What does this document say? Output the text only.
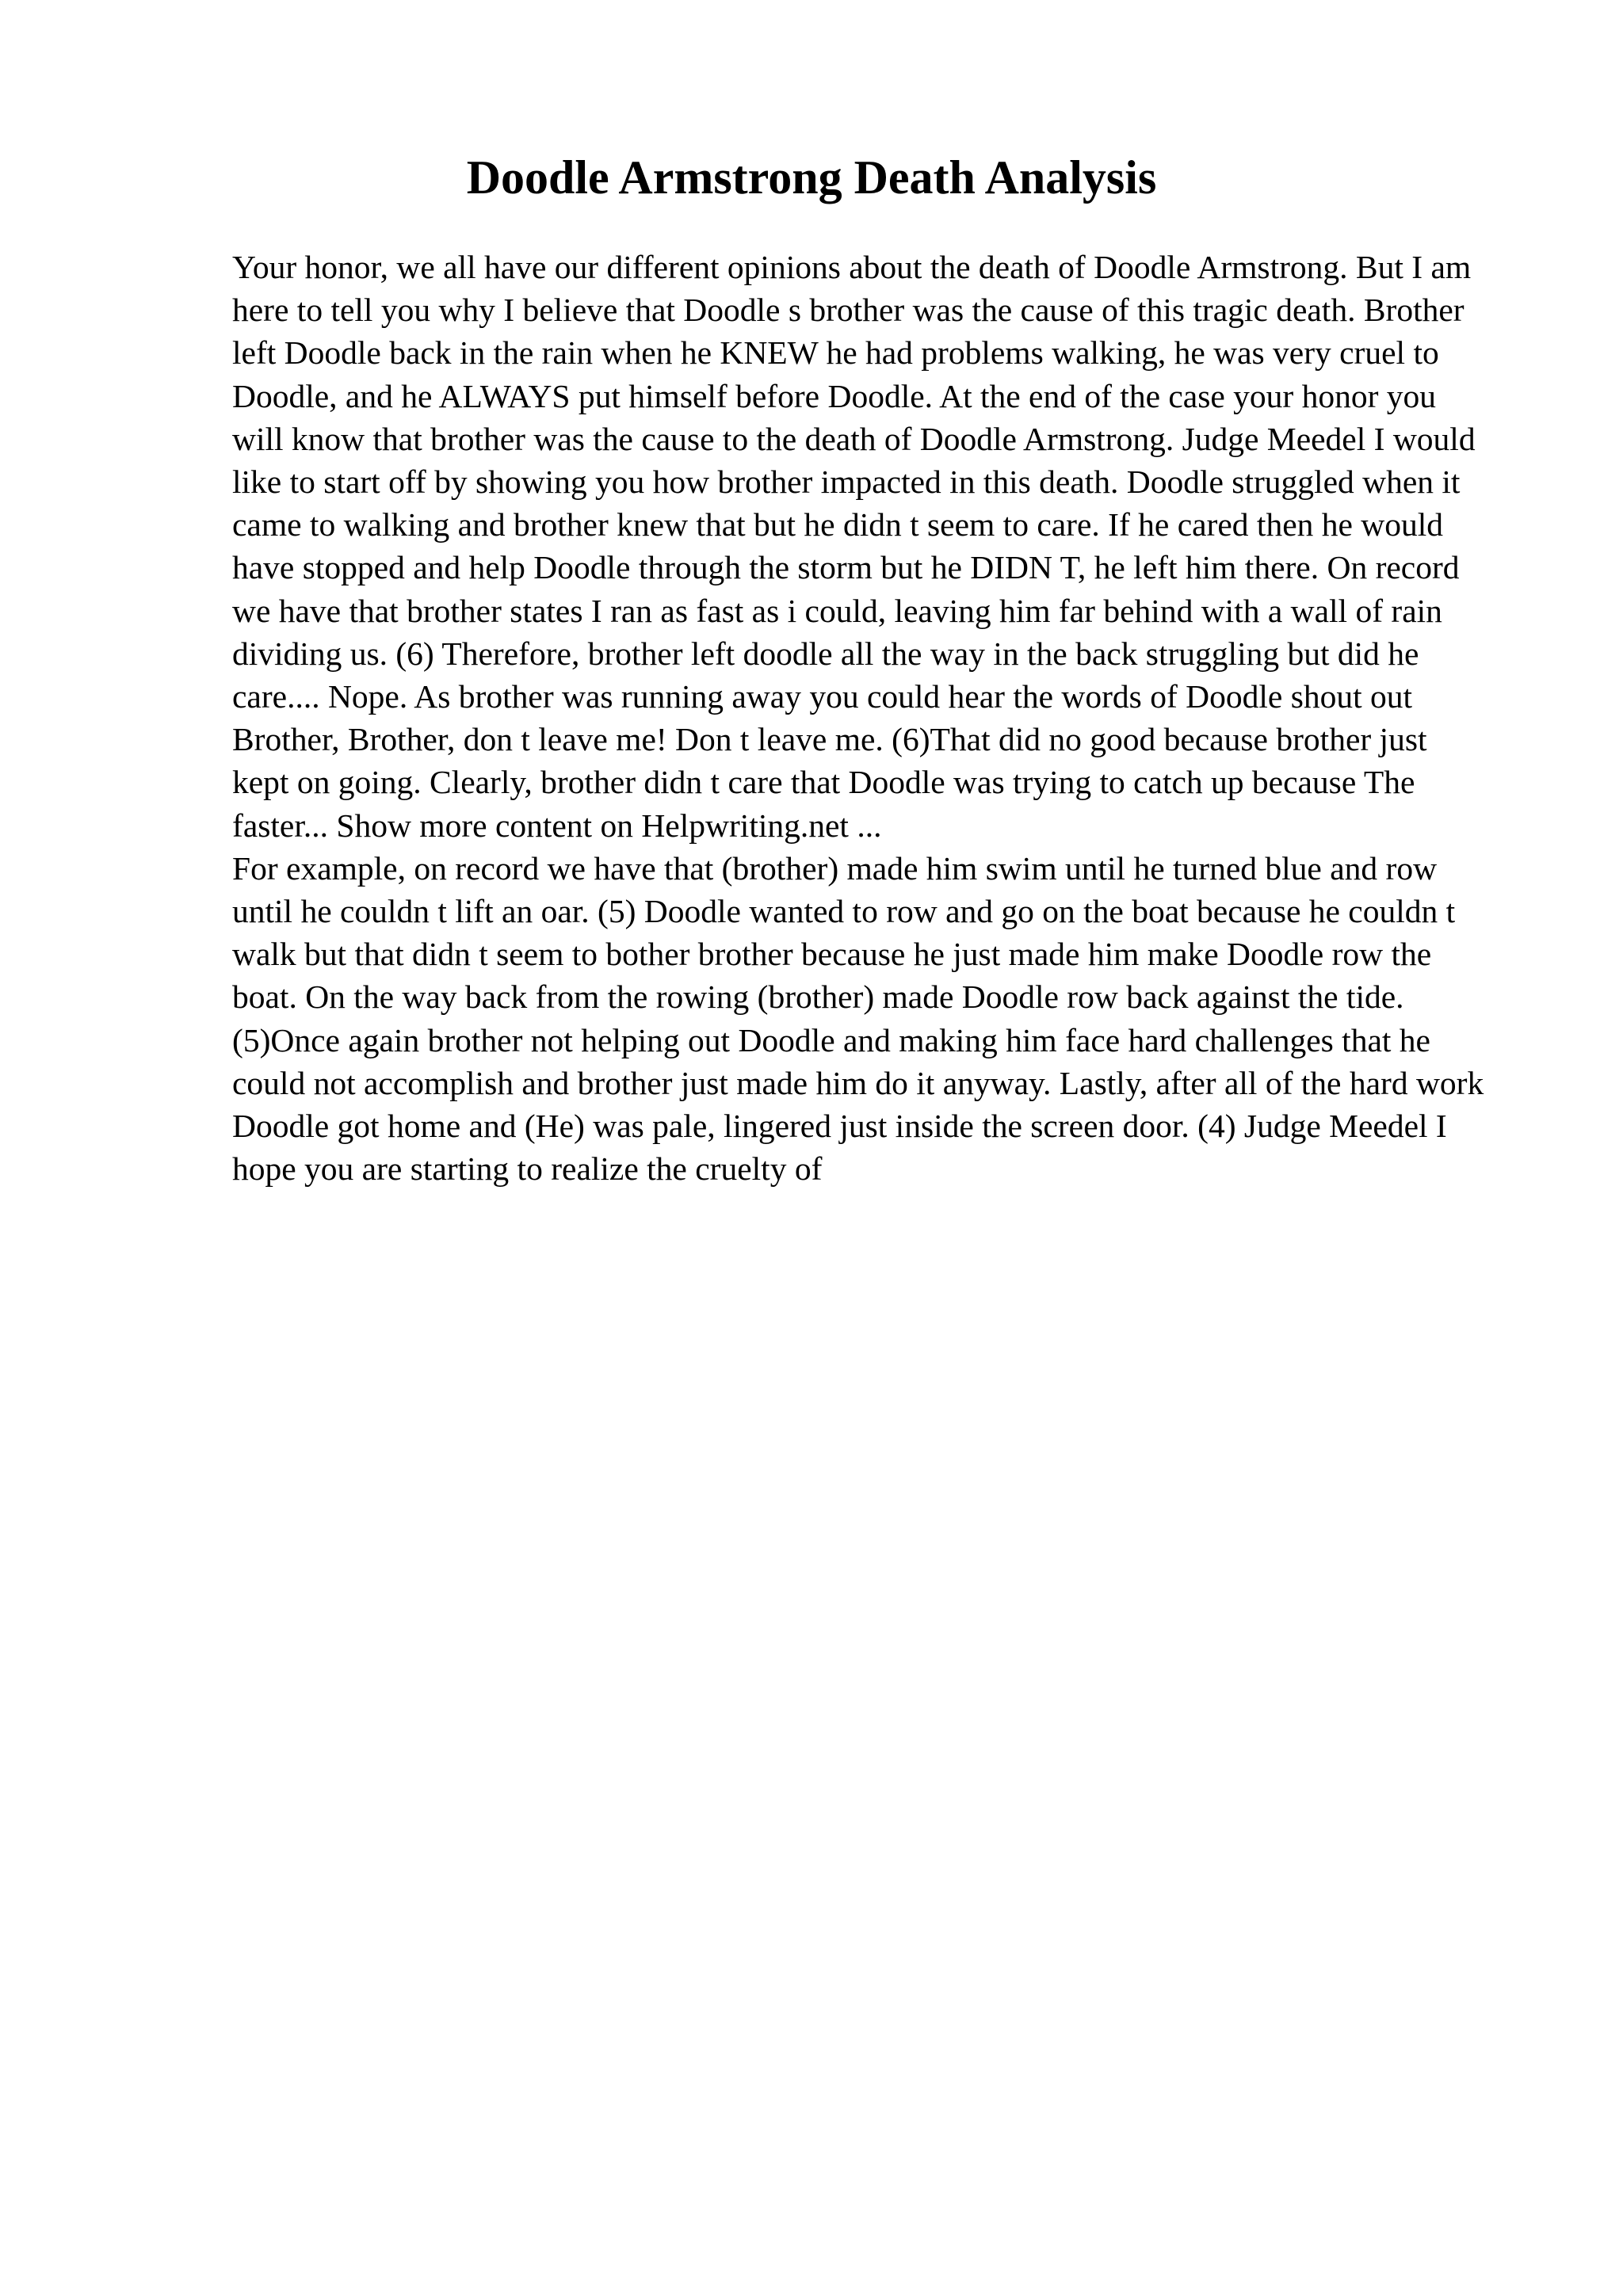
Doodle Armstrong Death Analysis

Your honor, we all have our different opinions about the death of Doodle Armstrong. But I am here to tell you why I believe that Doodle s brother was the cause of this tragic death. Brother left Doodle back in the rain when he KNEW he had problems walking, he was very cruel to Doodle, and he ALWAYS put himself before Doodle. At the end of the case your honor you will know that brother was the cause to the death of Doodle Armstrong. Judge Meedel I would like to start off by showing you how brother impacted in this death. Doodle struggled when it came to walking and brother knew that but he didn t seem to care. If he cared then he would have stopped and help Doodle through the storm but he DIDN T, he left him there. On record we have that brother states I ran as fast as i could, leaving him far behind with a wall of rain dividing us. (6) Therefore, brother left doodle all the way in the back struggling but did he care.... Nope. As brother was running away you could hear the words of Doodle shout out Brother, Brother, don t leave me! Don t leave me. (6)That did no good because brother just kept on going. Clearly, brother didn t care that Doodle was trying to catch up because The faster... Show more content on Helpwriting.net ...

For example, on record we have that (brother) made him swim until he turned blue and row until he couldn t lift an oar. (5) Doodle wanted to row and go on the boat because he couldn t walk but that didn t seem to bother brother because he just made him make Doodle row the boat. On the way back from the rowing (brother) made Doodle row back against the tide. (5)Once again brother not helping out Doodle and making him face hard challenges that he could not accomplish and brother just made him do it anyway. Lastly, after all of the hard work Doodle got home and (He) was pale, lingered just inside the screen door. (4) Judge Meedel I hope you are starting to realize the cruelty of
